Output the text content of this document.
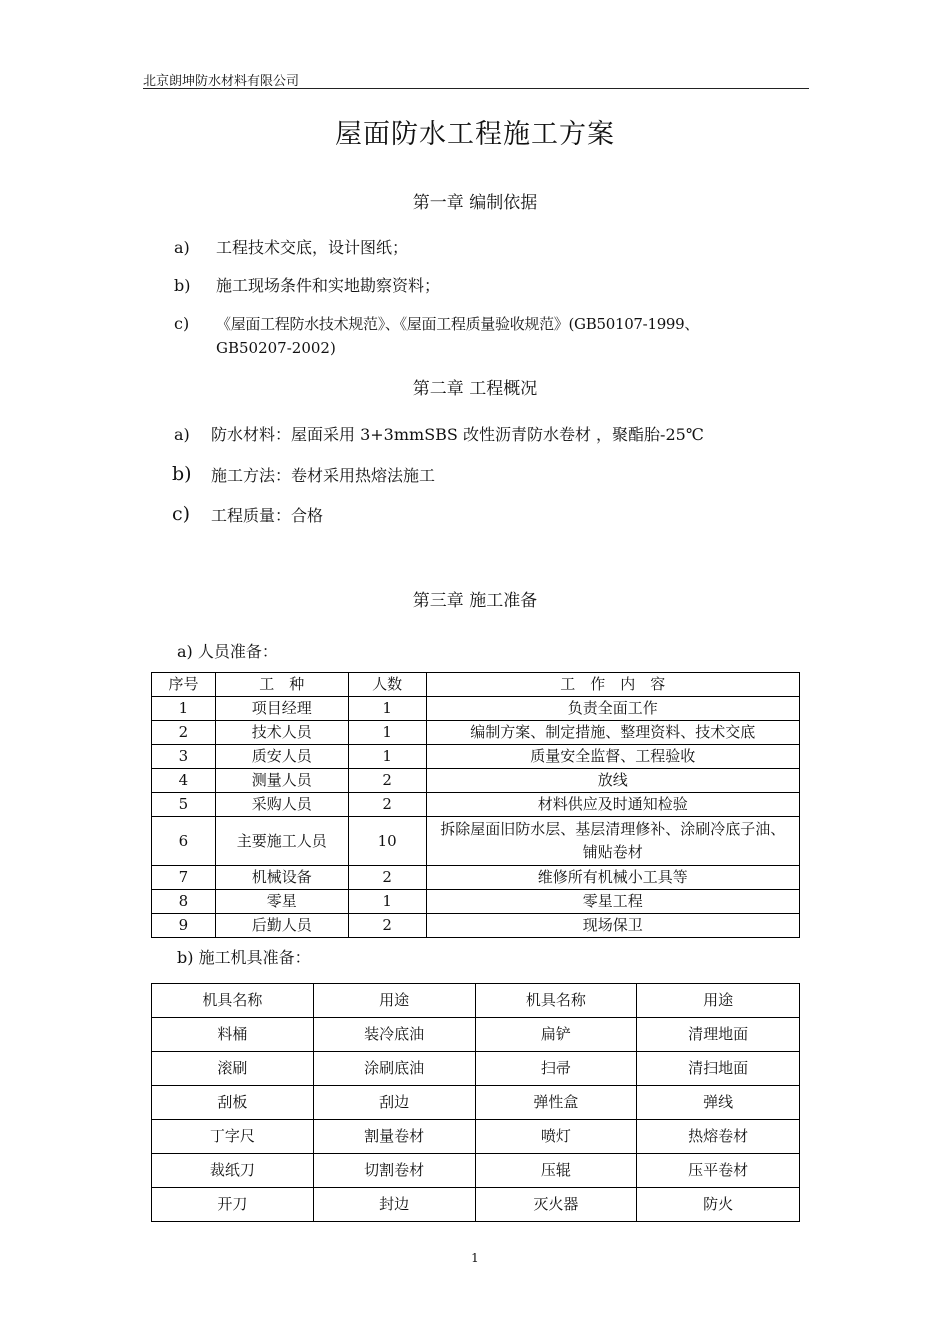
北京朗坤防水材料有限公司
屋面防水工程施工方案
第一章 编制依据
a) 工程技术交底，设计图纸；
b) 施工现场条件和实地勘察资料；
c) 《屋面工程防水技术规范》、《屋面工程质量验收规范》(GB50107-1999、
GB50207-2002)
第二章 工程概况
a) 防水材料：屋面采用 3+3mmSBS 改性沥青防水卷材 ，聚酯胎-25℃
b) 施工方法：卷材采用热熔法施工
c) 工程质量：合格
第三章 施工准备
a) 人员准备：
序号	工　种	人数	工　作　内　容
1	项目经理	1	负责全面工作
2	技术人员	1	编制方案、制定措施、整理资料、技术交底
3	质安人员	1	质量安全监督、工程验收
4	测量人员	2	放线
5	采购人员	2	材料供应及时通知检验
6	主要施工人员	10	拆除屋面旧防水层、基层清理修补、涂刷冷底子油、铺贴卷材
7	机械设备	2	维修所有机械小工具等
8	零星	1	零星工程
9	后勤人员	2	现场保卫
b) 施工机具准备：
机具名称	用途	机具名称	用途
料桶	装冷底油	扁铲	清理地面
滚刷	涂刷底油	扫帚	清扫地面
刮板	刮边	弹性盒	弹线
丁字尺	割量卷材	喷灯	热熔卷材
裁纸刀	切割卷材	压辊	压平卷材
开刀	封边	灭火器	防火
1
